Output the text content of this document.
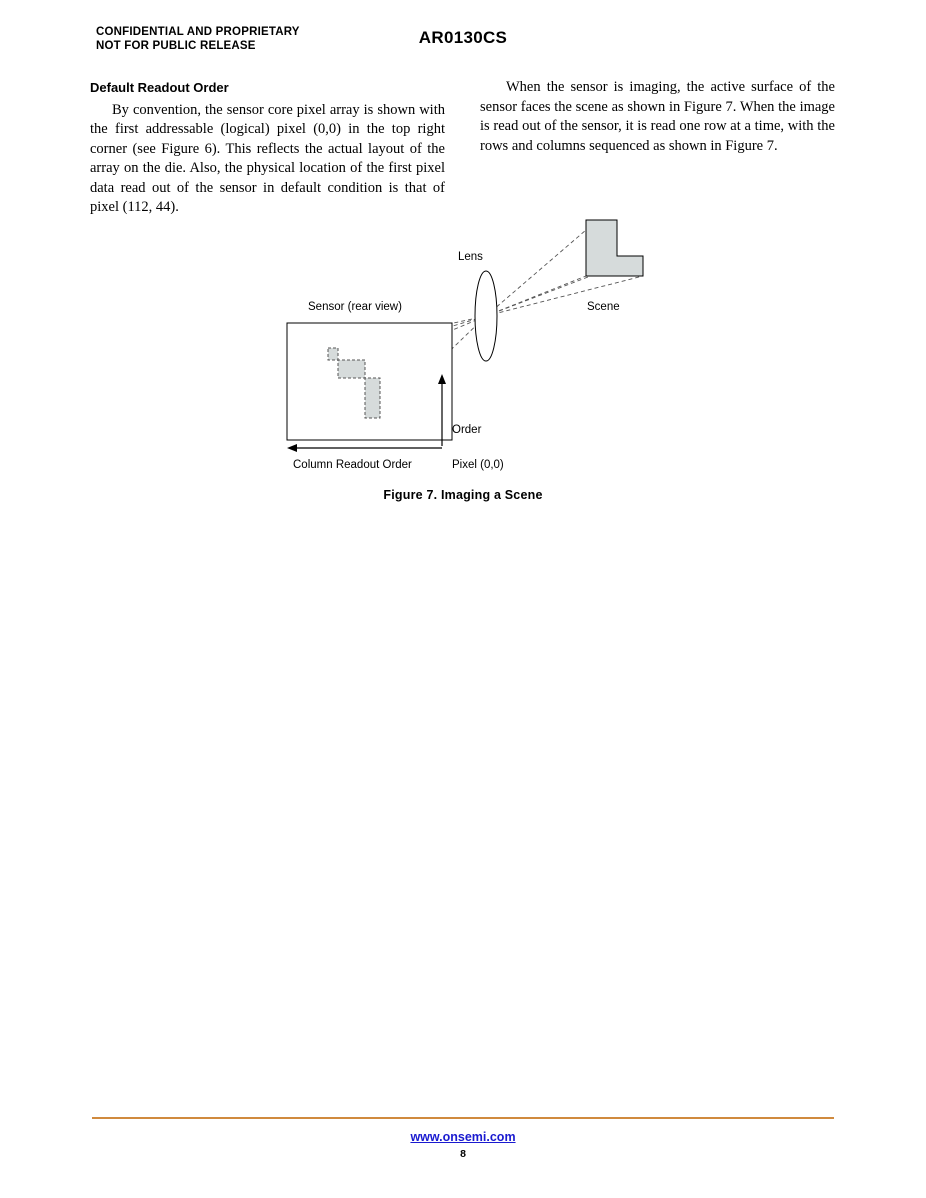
CONFIDENTIAL AND PROPRIETARY
NOT FOR PUBLIC RELEASE	AR0130CS
Default Readout Order

By convention, the sensor core pixel array is shown with the first addressable (logical) pixel (0,0) in the top right corner (see Figure 6). This reflects the actual layout of the array on the die. Also, the physical location of the first pixel data read out of the sensor in default condition is that of pixel (112, 44).

When the sensor is imaging, the active surface of the sensor faces the scene as shown in Figure 7. When the image is read out of the sensor, it is read one row at a time, with the rows and columns sequenced as shown in Figure 7.

Scene
Lens
Sensor (rear view)
Order
Pixel (0,0)
Column Readout Order
Figure 7. Imaging a Scene
www.onsemi.com
8
